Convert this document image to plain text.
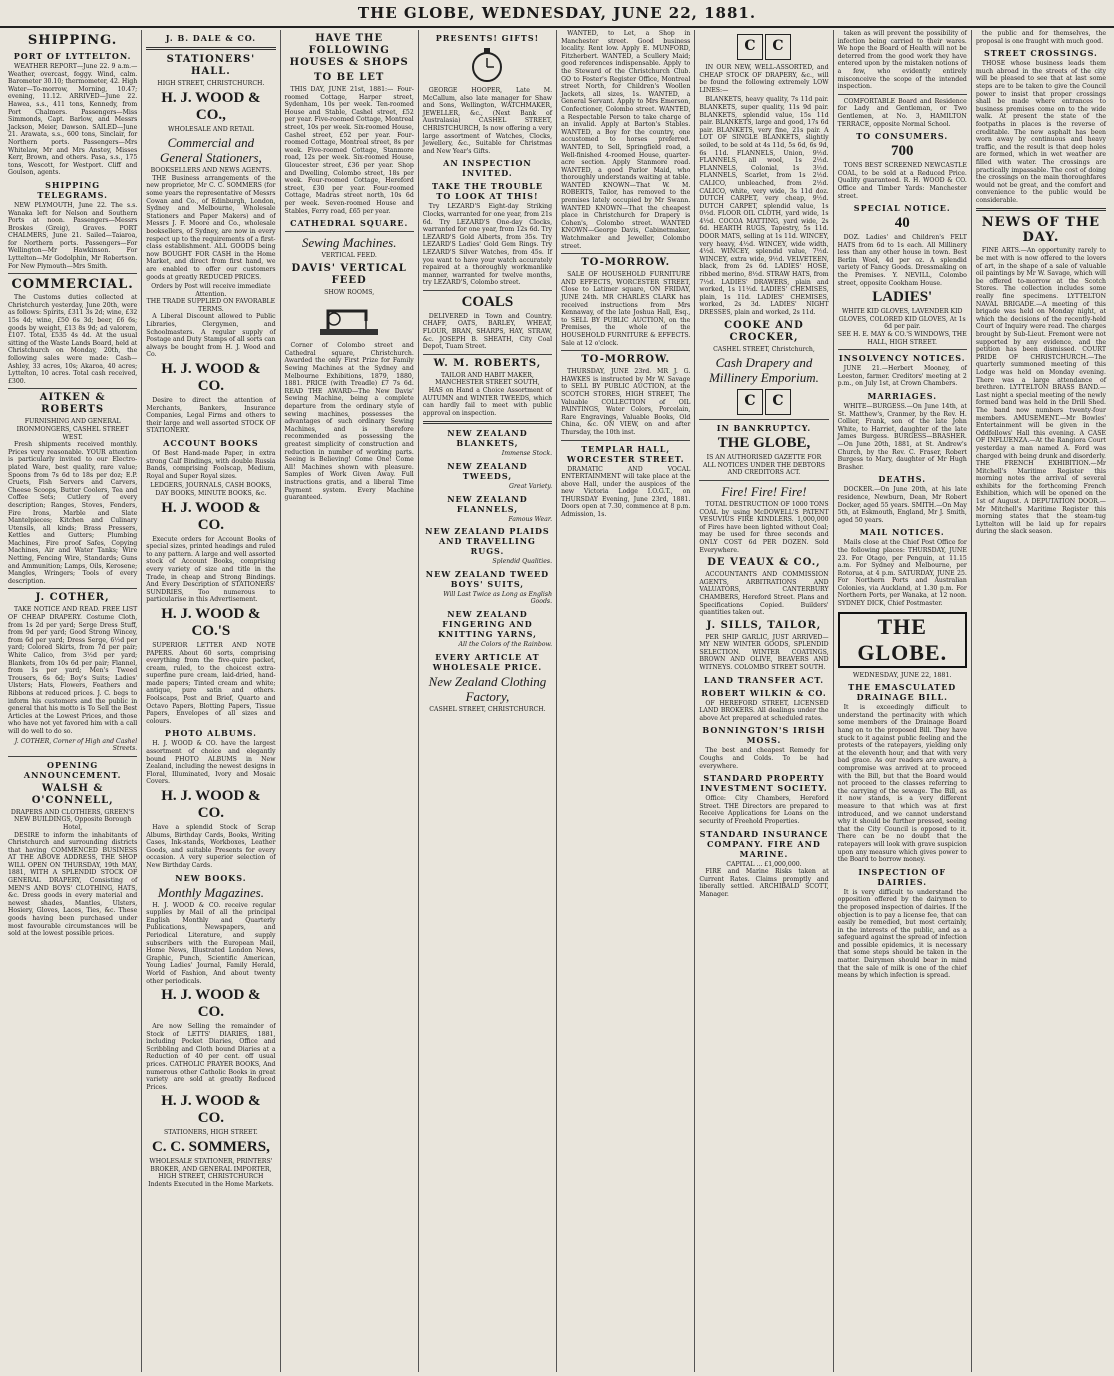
THE GLOBE, WEDNESDAY, JUNE 22, 1881.
SHIPPING.
PORT OF LYTTELTON.

WEATHER REPORT—June 22. 9 a.m.—Weather, overcast, foggy. Wind, calm. Barometer 30.10; thermometer, 42. High Water—To-morrow, Morning, 10.47; evening, 11.12. ARRIVED—June 22. Hawea, s.s., 411 tons, Kennedy, from Port Chalmers. Passengers—Miss Simmonds, Capt. Barlow, and Messrs Jackson, Meier, Dawson. SAILED—June 21. Arawata, s.s., 600 tons, Sinclair, for Northern ports. Passengers—Mrs Whitelaw, Mr and Mrs Anstey, Misses Kerr, Brown, and others. Pasa, s.s., 175 tons, Wescott, for Westport. Cliff and Goulson, agents.

SHIPPING TELEGRAMS.

NEW PLYMOUTH, June 22. The s.s. Wanaka left for Nelson and Southern Ports at noon. Passengers—Messrs Broskes (Greig), Graves. PORT CHALMERS, June 21. Sailed—Taiaroa, for Northern ports. Passengers—For Wellington—Mr Hawkinson. For Lyttelton—Mr Godolphin, Mr Robertson. For New Plymouth—Mrs Smith.

COMMERCIAL.

The Customs duties collected at Christchurch yesterday, June 20th, were as follows: Spirits, £311 3s 2d; wine, £32 15s 4d; wine, £50 6s 3d; beer, £6 6s; goods by weight, £13 8s 9d; ad valorem, £107. Total, £535 4s 4d. At the usual sitting of the Waste Lands Board, held at Christchurch on Monday, 20th, the following sales were made: Cash—Ashley, 33 acres, 10s; Akaroa, 40 acres; Lyttelton, 10 acres. Total cash received, £300.

AITKEN & ROBERTS
FURNISHING AND GENERAL IRONMONGERS, CASHEL STREET WEST.

Fresh shipments received monthly. Prices very reasonable. YOUR attention is particularly invited to our Electro-plated Ware, best quality, rare value; Spoons from 7s 6d to 18s per doz; E.P. Cruets, Fish Servers and Carvers, Cheese Scoops, Butter Coolers, Tea and Coffee Sets; Cutlery of every description; Ranges, Stoves, Fenders, Fire Irons, Marble and Slate Mantelpieces; Kitchen and Culinary Utensils, all kinds; Brass Pressers, Kettles and Gutters; Plumbing Machines, Fire proof Safes, Copying Machines, Air and Water Tanks; Wire Netting, Fencing Wire, Standards; Guns and Ammunition; Lamps, Oils, Kerosene; Mangles, Wringers; Tools of every description.

J. COTHER,

TAKE NOTICE AND READ. FREE LIST OF CHEAP DRAPERY. Costume Cloth, from 1s 2d per yard; Serge Dress Stuff, from 9d per yard; Good Strong Wincey, from 6d per yard; Dress Serge, 6½d per yard; Colored Skirts, from 7d per pair; White Calico, from 3½d per yard; Blankets, from 10s 6d per pair; Flannel, from 1s per yard; Men's Tweed Trousers, 6s 6d; Boy's Suits; Ladies' Ulsters; Hats, Flowers, Feathers and Ribbons at reduced prices. J. C. begs to inform his customers and the public in general that his motto is To Sell the Best Articles at the Lowest Prices, and those who have not yet favored him with a call will do well to do so.

J. COTHER, Corner of High and Cashel Streets.
OPENING ANNOUNCEMENT.
WALSH & O'CONNELL,
DRAPERS AND CLOTHIERS, GREEN'S NEW BUILDINGS, Opposite Borough Hotel,

DESIRE to inform the inhabitants of Christchurch and surrounding districts that having COMMENCED BUSINESS AT THE ABOVE ADDRESS, THE SHOP WILL OPEN ON THURSDAY, 19th MAY, 1881, WITH A SPLENDID STOCK OF GENERAL DRAPERY, Consisting of MEN'S AND BOYS' CLOTHING, HATS, &c. Dress goods in every material and newest shades, Mantles, Ulsters, Hosiery, Gloves, Laces, Ties, &c. These goods having been purchased under most favourable circumstances will be sold at the lowest possible prices.

J. B. DALE & CO.
STATIONERS' HALL.
HIGH STREET, CHRISTCHURCH.
H. J. WOOD & CO.,
WHOLESALE AND RETAIL
Commercial and General Stationers,
BOOKSELLERS AND NEWS AGENTS.

THE Business arrangements of the new proprietor, Mr C. C. SOMMERS (for some years the representative of Messrs Cowan and Co., of Edinburgh, London, Sydney and Melbourne, Wholesale Stationers and Paper Makers) and of Messrs J. F. Moore and Co., wholesale booksellers, of Sydney, are now in every respect up to the requirements of a first-class establishment. ALL GOODS being now BOUGHT FOR CASH in the Home Market, and direct from first hand, we are enabled to offer our customers goods at greatly REDUCED PRICES.

Orders by Post will receive immediate Attention.
THE TRADE SUPPLIED ON FAVORABLE TERMS.

A Liberal Discount allowed to Public Libraries, Clergymen, and Schoolmasters. A regular supply of Postage and Duty Stamps of all sorts can always be bought from H. J. Wood and Co.

H. J. WOOD & CO.

Desire to direct the attention of Merchants, Bankers, Insurance Companies, Legal Firms and others to their large and well assorted STOCK OF STATIONERY.

ACCOUNT BOOKS

Of Best Hand-made Paper, in extra strong Calf Bindings, with double Russia Bands, comprising Foolscap, Medium, Royal and Super Royal sizes.

LEDGERS, JOURNALS, CASH BOOKS, DAY BOOKS, MINUTE BOOKS, &c.
H. J. WOOD & CO.

Execute orders for Account Books of special sizes, printed headings and ruled to any pattern. A large and well assorted stock of Account Books, comprising every variety of size and title in the Trade, in cheap and Strong Bindings. And Every Description of STATIONERS' SUNDRIES, Too numerous to particularise in this Advertisement.

H. J. WOOD & CO.'S

SUPERIOR LETTER AND NOTE PAPERS. About 60 sorts, comprising everything from the five-quire packet, cream, ruled, to the choicest extra-superfine pure cream, laid-dried, hand-made papers; Tinted cream and white; antique, pure satin and others. Foolscaps, Post and Brief, Quarto and Octavo Papers, Blotting Papers, Tissue Papers, Envelopes of all sizes and colours.

PHOTO ALBUMS.

H. J. WOOD & CO. have the largest assortment of choice and elegantly bound PHOTO ALBUMS in New Zealand, including the newest designs in Floral, Illuminated, Ivory and Mosaic Covers.

H. J. WOOD & CO.

Have a splendid Stock of Scrap Albums, Birthday Cards, Books, Writing Cases, Ink-stands, Workboxes, Leather Goods, and suitable Presents for every occasion. A very superior selection of New Birthday Cards.

NEW BOOKS.
Monthly Magazines.

H. J. WOOD & CO. receive regular supplies by Mail of all the principal English Monthly and Quarterly Publications, Newspapers, and Periodical Literature, and supply subscribers with the European Mail, Home News, Illustrated London News, Graphic, Punch, Scientific American, Young Ladies' Journal, Family Herald, World of Fashion, And about twenty other periodicals.

H. J. WOOD & CO.

Are now Selling the remainder of Stock of LETTS' DIARIES, 1881, including Pocket Diaries, Office and Scribbling and Cloth bound Diaries at a Reduction of 40 per cent. off usual prices. CATHOLIC PRAYER BOOKS, And numerous other Catholic Books in great variety are sold at greatly Reduced Prices.

H. J. WOOD & CO.
STATIONERS, HIGH STREET.
C. C. SOMMERS,
WHOLESALE STATIONER, PRINTERS' BROKER, AND GENERAL IMPORTER, HIGH STREET, CHRISTCHURCH
Indents Executed in the Home Markets.
HAVE THE FOLLOWING HOUSES & SHOPS
TO BE LET

THIS DAY, JUNE 21st, 1881:— Four-roomed Cottage, Harper street, Sydenham, 10s per week. Ten-roomed House and Stable, Cashel street, £52 per year. Five-roomed Cottage, Montreal street, 10s per week. Six-roomed House, Cashel street, £52 per year. Four-roomed Cottage, Montreal street, 8s per week. Five-roomed Cottage, Stanmore road, 12s per week. Six-roomed House, Gloucester street, £36 per year. Shop and Dwelling, Colombo street, 18s per week. Four-roomed Cottage, Hereford street, £30 per year. Four-roomed Cottage, Madras street north, 10s 6d per week. Seven-roomed House and Stables, Ferry road, £65 per year.

CATHEDRAL SQUARE.
Sewing Machines.
VERTICAL FEED.
DAVIS' VERTICAL FEED
SHOW ROOMS,

Corner of Colombo street and Cathedral square, Christchurch. Awarded the only First Prize for Family Sewing Machines at the Sydney and Melbourne Exhibitions, 1879, 1880, 1881. PRICE (with Treadle) £7 7s 6d. READ THE AWARD—The New Davis' Sewing Machine, being a complete departure from the ordinary style of sewing machines, possesses the advantages of such ordinary Sewing Machines, and is therefore recommended as possessing the greatest simplicity of construction and reduction in number of working parts. Seeing is Believing! Come One! Come All! Machines shown with pleasure. Samples of Work Given Away. Full instructions gratis, and a liberal Time Payment system. Every Machine guaranteed.

PRESENTS! GIFTS!

GEORGE HOOPER, Late M. McCallum, also late manager for Shaw and Sons, Wellington, WATCHMAKER, JEWELLER, &c., (Next Bank of Australasia) CASHEL STREET, CHRISTCHURCH, Is now offering a very large assortment of Watches, Clocks, Jewellery, &c., Suitable for Christmas and New Year's Gifts.

AN INSPECTION INVITED.
TAKE THE TROUBLE TO LOOK AT THIS!

Try LEZARD'S Eight-day Striking Clocks, warranted for one year, from 21s 6d. Try LEZARD'S One-day Clocks, warranted for one year, from 12s 6d. Try LEZARD'S Gold Alberts, from 35s. Try LEZARD'S Ladies' Gold Gem Rings. Try LEZARD'S Silver Watches, from 45s. If you want to have your watch accurately repaired at a thoroughly workmanlike manner, warranted for twelve months, try LEZARD'S, Colombo street.

COALS

DELIVERED in Town and Country. CHAFF, OATS, BARLEY, WHEAT, FLOUR, BRAN, SHARPS, HAY, STRAW, &c. JOSEPH B. SHEATH, City Coal Depot, Tuam Street.

W. M. ROBERTS,
TAILOR AND HABIT MAKER, MANCHESTER STREET SOUTH,

HAS on Hand a Choice Assortment of AUTUMN and WINTER TWEEDS, which can hardly fail to meet with public approval on inspection.

NEW ZEALAND BLANKETS,
Immense Stock.
NEW ZEALAND TWEEDS,
Great Variety.
NEW ZEALAND FLANNELS,
Famous Wear.
NEW ZEALAND PLAIDS AND TRAVELLING RUGS.
Splendid Qualities.
NEW ZEALAND TWEED BOYS' SUITS,
Will Last Twice as Long as English Goods.
NEW ZEALAND FINGERING AND KNITTING YARNS,
All the Colors of the Rainbow.
EVERY ARTICLE AT WHOLESALE PRICE.
New Zealand Clothing Factory,
CASHEL STREET, CHRISTCHURCH.

WANTED, to Let, a Shop in Manchester street. Good business locality. Rent low. Apply E. MUNFORD, Fitzherbert. WANTED, a Scullery Maid; good references indispensable. Apply to the Steward of the Christchurch Club. GO to Foster's Register Office, Montreal street North, for Children's Woollen Jackets, all sizes, 1s. WANTED, a General Servant. Apply to Mrs Emerson, Confectioner, Colombo street. WANTED, a Respectable Person to take charge of an invalid. Apply at Barton's Stables. WANTED, a Boy for the country, one accustomed to horses preferred. WANTED, to Sell, Springfield road, a Well-finished 4-roomed House, quarter-acre section. Apply Stanmore road. WANTED, a good Parlor Maid, who thoroughly understands waiting at table. WANTED KNOWN—That W. M. ROBERTS, Tailor, has removed to the premises lately occupied by Mr Swann. WANTED KNOWN—That the cheapest place in Christchurch for Drapery is Cohen's, Colombo street. WANTED KNOWN—George Davis, Cabinetmaker, Watchmaker and Jeweller, Colombo street.

TO-MORROW.

SALE OF HOUSEHOLD FURNITURE AND EFFECTS, WORCESTER STREET, Close to Latimer square, ON FRIDAY, JUNE 24th. MR CHARLES CLARK has received instructions from Mrs Kennaway, of the late Joshua Hall, Esq., to SELL BY PUBLIC AUCTION, on the Premises, the whole of the HOUSEHOLD FURNITURE & EFFECTS. Sale at 12 o'clock.

TO-MORROW.

THURSDAY, JUNE 23rd. MR J. G. HAWKES is instructed by Mr W. Savage to SELL BY PUBLIC AUCTION, at the SCOTCH STORES, HIGH STREET, The Valuable COLLECTION of OIL PAINTINGS, Water Colors, Porcelain, Rare Engravings, Valuable Books, Old China, &c. ON VIEW, on and after Thursday, the 10th inst.

TEMPLAR HALL, WORCESTER STREET.

DRAMATIC AND VOCAL ENTERTAINMENT will take place at the above Hall, under the auspices of the new Victoria Lodge I.O.G.T., on THURSDAY Evening, June 23rd, 1881. Doors open at 7.30, commence at 8 p.m. Admission, 1s.

C	C

IN OUR NEW, WELL-ASSORTED, and CHEAP STOCK OF DRAPERY, &c., will be found the following extremely LOW LINES:—

BLANKETS, heavy quality, 7s 11d pair. BLANKETS, super quality, 11s 9d pair. BLANKETS, splendid value, 15s 11d pair. BLANKETS, large and good, 17s 6d pair. BLANKETS, very fine, 21s pair. A LOT OF SINGLE BLANKETS, slightly soiled, to be sold at 4s 11d, 5s 6d, 6s 9d, 6s 11d. FLANNELS, Union, 9½d. FLANNELS, all wool, 1s 2½d. FLANNELS, Colonial, 1s 3½d. FLANNELS, Scarlet, from 1s 2½d. CALICO, unbleached, from 2½d. CALICO, white, very wide, 3s 11d doz. DUTCH CARPET, very cheap, 9½d. DUTCH CARPET, splendid value, 1s 0½d. FLOOR OIL CLOTH, yard wide, 1s 4½d. COCOA MATTING, yard wide, 2s 6d. HEARTH RUGS, Tapestry, 5s 11d. DOOR MATS, selling at 1s 11d. WINCEY, very heavy, 4½d. WINCEY, wide width, 4½d. WINCEY, splendid value, 7½d. WINCEY, extra wide, 9½d. VELVETEEN, black, from 2s 6d. LADIES' HOSE, ribbed merino, 8½d. STRAW HATS, from 7½d. LADIES' DRAWERS, plain and worked, 1s 11½d. LADIES' CHEMISES, plain, 1s 11d. LADIES' CHEMISES, worked, 2s 3d. LADIES' NIGHT DRESSES, plain and worked, 2s 11d.

COOKE AND CROCKER,
CASHEL STREET, Christchurch,
Cash Drapery and Millinery Emporium.
C	C
IN BANKRUPTCY.
THE GLOBE,
IS AN AUTHORISED GAZETTE FOR ALL NOTICES UNDER THE DEBTORS AND CREDITORS ACT.
Fire! Fire! Fire!

TOTAL DESTRUCTION OF 1000 TONS COAL by using McDOWELL'S PATENT VESUVIUS FIRE KINDLERS. 1,000,000 of Fires have been lighted without Coal; may be used for three seconds and ONLY COST 6d PER DOZEN. Sold Everywhere.

DE VEAUX & CO.,

ACCOUNTANTS AND COMMISSION AGENTS, ARBITRATIONS AND VALUATORS, CANTERBURY CHAMBERS, Hereford Street. Plans and Specifications Copied. Builders' quantities taken out.

J. SILLS, TAILOR,

PER SHIP GARLIC, JUST ARRIVED—MY NEW WINTER GOODS, SPLENDID SELECTION. WINTER COATINGS, BROWN AND OLIVE, BEAVERS AND WITNEYS. COLOMBO STREET SOUTH.

LAND TRANSFER ACT.
ROBERT WILKIN & CO.

OF HEREFORD STREET, LICENSED LAND BROKERS. All dealings under the above Act prepared at scheduled rates.

BONNINGTON'S IRISH MOSS.

The best and cheapest Remedy for Coughs and Colds. To be had everywhere.

STANDARD PROPERTY INVESTMENT SOCIETY.

Office: City Chambers, Hereford Street. THE Directors are prepared to Receive Applications for Loans on the security of Freehold Properties.

STANDARD INSURANCE COMPANY. FIRE AND MARINE.
CAPITAL ... £1,000,000.

FIRE and Marine Risks taken at Current Rates. Claims promptly and liberally settled. ARCHIBALD SCOTT, Manager.

taken as will prevent the possibility of infection being carried to their wares. We hope the Board of Health will not be deterred from the good work they have entered upon by the mistaken notions of a few, who evidently entirely misconceive the scope of the intended inspection.

COMFORTABLE Board and Residence for Lady and Gentleman, or Two Gentlemen, at No. 3, HAMILTON TERRACE, opposite Normal School.

TO CONSUMERS.
700

TONS BEST SCREENED NEWCASTLE COAL, to be sold at a Reduced Price. Quality guaranteed. R. H. WOOD & CO. Office and Timber Yards: Manchester street.

SPECIAL NOTICE.
40

DOZ. Ladies' and Children's FELT HATS from 6d to 1s each. All Millinery less than any other house in town. Best Berlin Wool, 4d per oz. A splendid variety of Fancy Goods. Dressmaking on the Premises. Y. NEVILL, Colombo street, opposite Cookham House.

LADIES'
WHITE KID GLOVES, LAVENDER KID GLOVES, COLORED KID GLOVES, At 1s 6d per pair.
SEE H. E. MAY & CO.'S WINDOWS, THE HALL, HIGH STREET.
INSOLVENCY NOTICES.

JUNE 21.—Herbert Mooney, of Leeston, farmer. Creditors' meeting at 2 p.m., on July 1st, at Crown Chambers.

MARRIAGES.

WHITE—BURGESS.—On June 14th, at St. Matthew's, Cranmer, by the Rev. H. Collier, Frank, son of the late John White, to Harriet, daughter of the late James Burgess. BURGESS—BRASHER.—On June 20th, 1881, at St. Andrew's Church, by the Rev. C. Fraser, Robert Burgess to Mary, daughter of Mr Hugh Brasher.

DEATHS.

DOCKER.—On June 20th, at his late residence, Newburn, Dean, Mr Robert Docker, aged 55 years. SMITH.—On May 5th, at Eskmouth, England, Mr J. Smith, aged 50 years.

MAIL NOTICES.

Mails close at the Chief Post Office for the following places: THURSDAY, JUNE 23. For Otago, per Penguin, at 11.15 a.m. For Sydney and Melbourne, per Rotorua, at 4 p.m. SATURDAY, JUNE 25. For Northern Ports and Australian Colonies, via Auckland, at 1.30 p.m. For Northern Ports, per Wanaka, at 12 noon. SYDNEY DICK, Chief Postmaster.

THE GLOBE.
WEDNESDAY, JUNE 22, 1881.
THE EMASCULATED DRAINAGE BILL.

It is exceedingly difficult to understand the pertinacity with which some members of the Drainage Board hang on to the proposed Bill. They have stuck to it against public feeling and the protests of the ratepayers, yielding only at the eleventh hour, and that with very bad grace. As our readers are aware, a compromise was arrived at to proceed with the Bill, but that the Board would not proceed to the classes referring to the carrying of the sewage. The Bill, as it now stands, is a very different measure to that which was at first introduced, and we cannot understand why it should be further pressed, seeing that the City Council is opposed to it. There can be no doubt that the ratepayers will look with grave suspicion upon any measure which gives power to the Board to borrow money.

INSPECTION OF DAIRIES.

It is very difficult to understand the opposition offered by the dairymen to the proposed inspection of dairies. If the objection is to pay a license fee, that can easily be remedied, but most certainly, in the interests of the public, and as a safeguard against the spread of infection and possible epidemics, it is necessary that some steps should be taken in the matter. Dairymen should bear in mind that the sale of milk is one of the chief means by which infection is spread.

the public and for themselves, the proposal is one fraught with much good.

STREET CROSSINGS.

THOSE whose business leads them much abroad in the streets of the city will be pleased to see that at last some steps are to be taken to give the Council power to insist that proper crossings shall be made where entrances to business premises come on to the wide walk. At present the state of the footpaths in places is the reverse of creditable. The new asphalt has been worn away by continuous and heavy traffic, and the result is that deep holes are formed, which in wet weather are filled with water. The crossings are practically impassable. The cost of doing the crossings on the main thoroughfares would not be great, and the comfort and convenience to the public would be considerable.

NEWS OF THE DAY.

FINE ARTS.—An opportunity rarely to be met with is now offered to the lovers of art, in the shape of a sale of valuable oil paintings by Mr W. Savage, which will be offered to-morrow at the Scotch Stores. The collection includes some really fine specimens. LYTTELTON NAVAL BRIGADE.—A meeting of this brigade was held on Monday night, at which the decisions of the recently-held Court of Inquiry were read. The charges brought by Sub-Lieut. Fremont were not supported by any evidence, and the petition has been dismissed. COURT PRIDE OF CHRISTCHURCH.—The quarterly summoned meeting of this Lodge was held on Monday evening. There was a large attendance of brethren. LYTTELTON BRASS BAND.—Last night a special meeting of the newly formed band was held in the Drill Shed. The band now numbers twenty-four members. AMUSEMENT.—Mr Bowles' Entertainment will be given in the Oddfellows' Hall this evening. A CASE OF INFLUENZA.—At the Rangiora Court yesterday a man named A. Ford was charged with being drunk and disorderly. THE FRENCH EXHIBITION.—Mr Mitchell's Maritime Register this morning notes the arrival of several exhibits for the forthcoming French Exhibition, which will be opened on the 1st of August. A DEPUTATION DOOR.—Mr Mitchell's Maritime Register this morning states that the steam-tug Lyttelton will be laid up for repairs during the slack season.
